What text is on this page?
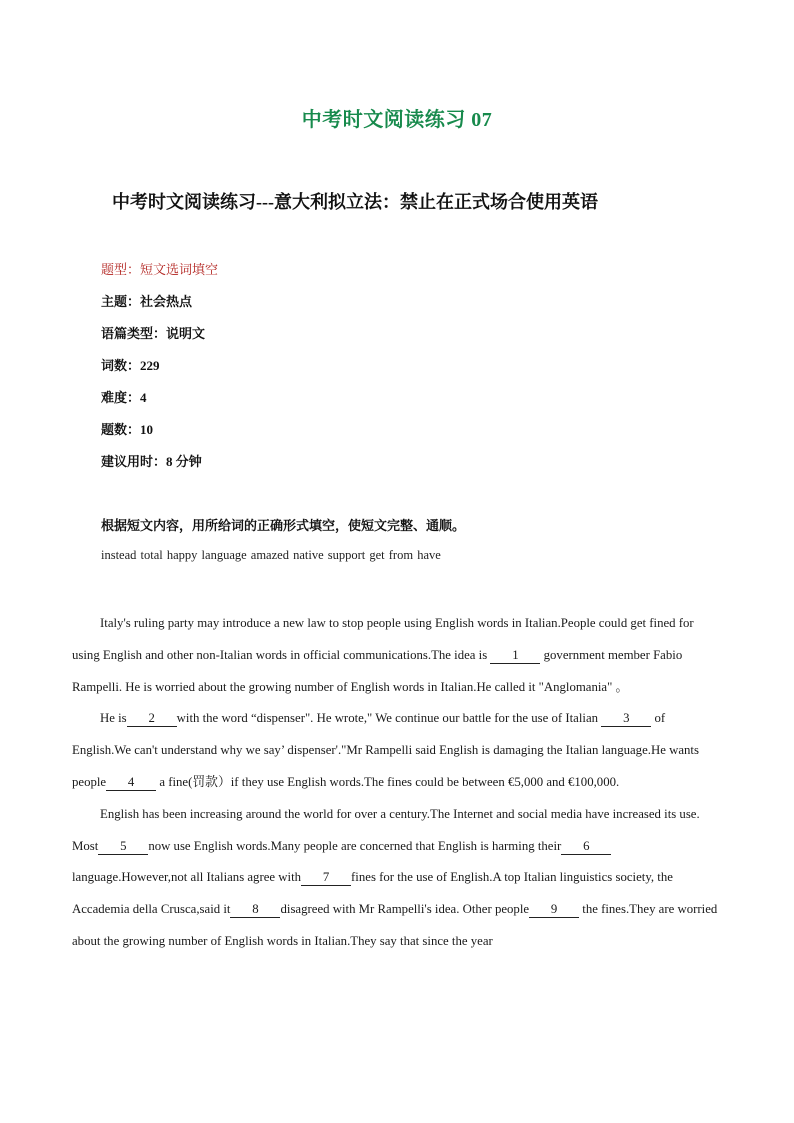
中考时文阅读练习 07
中考时文阅读练习---意大利拟立法：禁止在正式场合使用英语
题型：短文选词填空
主题：社会热点
语篇类型：说明文
词数：229
难度：4
题数：10
建议用时：8 分钟
根据短文内容，用所给词的正确形式填空，使短文完整、通顺。
instead total happy language amazed native support get from have

Italy's ruling party may introduce a new law to stop people using English words in Italian.People could get fined for using English and other non-Italian words in official communications.The idea is 1 government member Fabio Rampelli. He is worried about the growing number of English words in Italian.He called it "Anglomania" 。

He is 2 with the word “dispenser". He wrote," We continue our battle for the use of Italian 3 of English.We can't understand why we say’ dispenser'."Mr Rampelli said English is damaging the Italian language.He wants people 4 a fine(罚款）if they use English words.The fines could be between €5,000 and €100,000.

English has been increasing around the world for over a century.The Internet and social media have increased its use. Most 5 now use English words.Many people are concerned that English is harming their 6 language.However,not all Italians agree with 7 fines for the use of English.A top Italian linguistics society, the Accademia della Crusca,said it 8 disagreed with Mr Rampelli's idea. Other people 9 the fines.They are worried about the growing number of English words in Italian.They say that since the year
